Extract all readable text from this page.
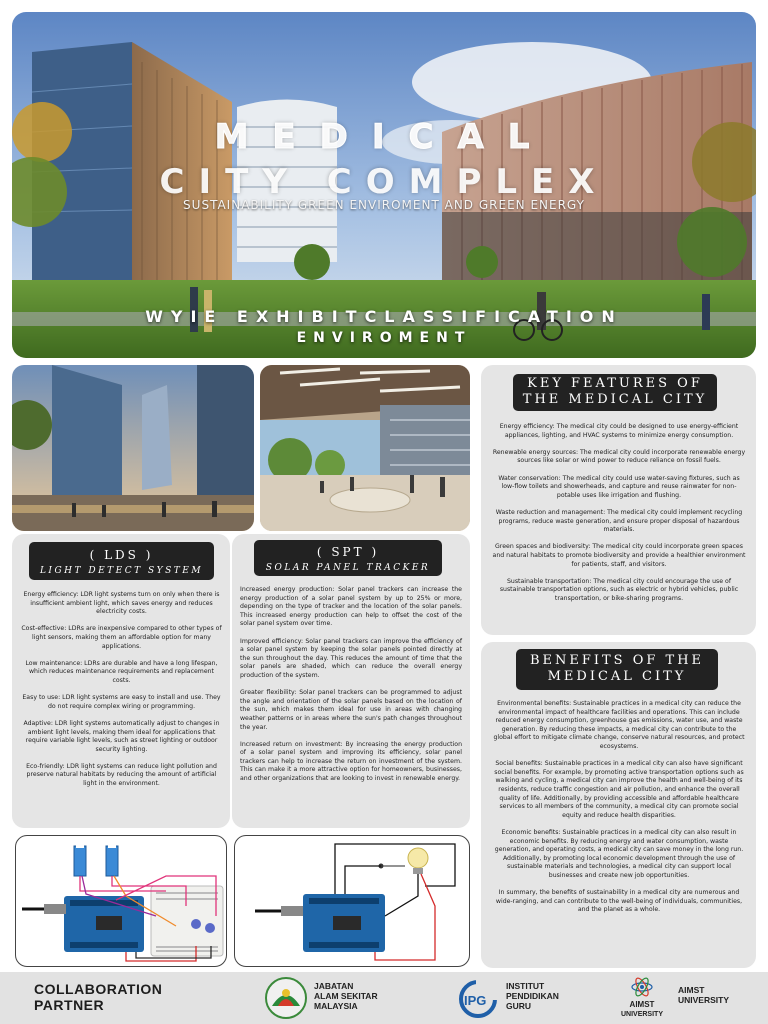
MEDICAL
CITY COMPLEX
SUSTAINABILITY GREEN ENVIROMENT AND GREEN ENERGY
WYIE EXHIBITCLASSIFICATION
ENVIROMENT
( LDS )
LIGHT DETECT SYSTEM

Energy efficiency: LDR light systems turn on only when there is insufficient ambient light, which saves energy and reduces electricity costs.

Cost-effective: LDRs are inexpensive compared to other types of light sensors, making them an affordable option for many applications.

Low maintenance: LDRs are durable and have a long lifespan, which reduces maintenance requirements and replacement costs.

Easy to use: LDR light systems are easy to install and use. They do not require complex wiring or programming.

Adaptive: LDR light systems automatically adjust to changes in ambient light levels, making them ideal for applications that require variable light levels, such as street lighting or outdoor security lighting.

Eco-friendly: LDR light systems can reduce light pollution and preserve natural habitats by reducing the amount of artificial light in the environment.

( SPT )
SOLAR PANEL TRACKER

Increased energy production: Solar panel trackers can increase the energy production of a solar panel system by up to 25% or more, depending on the type of tracker and the location of the solar panels. This increased energy production can help to offset the cost of the solar panel system over time.

Improved efficiency: Solar panel trackers can improve the efficiency of a solar panel system by keeping the solar panels pointed directly at the sun throughout the day. This reduces the amount of time that the solar panels are shaded, which can reduce the overall energy production of the system.

Greater flexibility: Solar panel trackers can be programmed to adjust the angle and orientation of the solar panels based on the location of the sun, which makes them ideal for use in areas with changing weather patterns or in areas where the sun's path changes throughout the year.

Increased return on investment: By increasing the energy production of a solar panel system and improving its efficiency, solar panel trackers can help to increase the return on investment of the system. This can make it a more attractive option for homeowners, businesses, and other organizations that are looking to invest in renewable energy.

KEY FEATURES OF
THE MEDICAL CITY

Energy efficiency: The medical city could be designed to use energy-efficient appliances, lighting, and HVAC systems to minimize energy consumption.

Renewable energy sources: The medical city could incorporate renewable energy sources like solar or wind power to reduce reliance on fossil fuels.

Water conservation: The medical city could use water-saving fixtures, such as low-flow toilets and showerheads, and capture and reuse rainwater for non-potable uses like irrigation and flushing.

Waste reduction and management: The medical city could implement recycling programs, reduce waste generation, and ensure proper disposal of hazardous materials.

Green spaces and biodiversity: The medical city could incorporate green spaces and natural habitats to promote biodiversity and provide a healthier environment for patients, staff, and visitors.

Sustainable transportation: The medical city could encourage the use of sustainable transportation options, such as electric or hybrid vehicles, public transportation, or bike-sharing programs.

BENEFITS OF THE
MEDICAL CITY

Environmental benefits: Sustainable practices in a medical city can reduce the environmental impact of healthcare facilities and operations. This can include reduced energy consumption, greenhouse gas emissions, water use, and waste generation. By reducing these impacts, a medical city can contribute to the global effort to mitigate climate change, conserve natural resources, and protect ecosystems.

Social benefits: Sustainable practices in a medical city can also have significant social benefits. For example, by promoting active transportation options such as walking and cycling, a medical city can improve the health and well-being of its residents, reduce traffic congestion and air pollution, and enhance the overall quality of life. Additionally, by providing accessible and affordable healthcare services to all members of the community, a medical city can promote social equity and reduce health disparities.

Economic benefits: Sustainable practices in a medical city can also result in economic benefits. By reducing energy and water consumption, waste generation, and operating costs, a medical city can save money in the long run. Additionally, by promoting local economic development through the use of sustainable materials and technologies, a medical city can support local businesses and create new job opportunities.

In summary, the benefits of sustainability in a medical city are numerous and wide-ranging, and can contribute to the well-being of individuals, communities, and the planet as a whole.

COLLABORATION
PARTNER
JABATAN
ALAM SEKITAR
MALAYSIA	IPG
INSTITUT
PENDIDIKAN
GURU	AIMST
UNIVERSITY
AIMST
UNIVERSITY
